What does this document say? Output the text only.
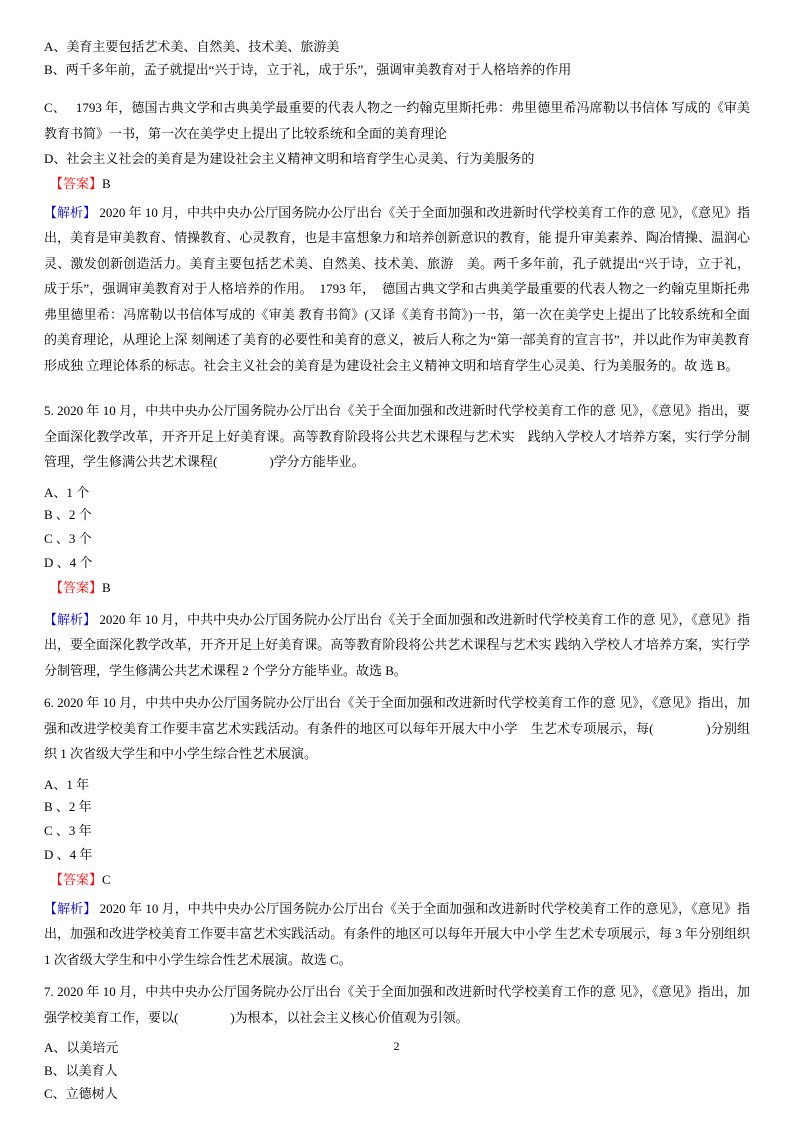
A、美育主要包括艺术美、自然美、技术美、旅游美

B、两千多年前，孟子就提出“兴于诗，立于礼，成于乐”，强调审美教育对于人格培养的作用

C、   1793 年，德国古典文学和古典美学最重要的代表人物之一约翰克里斯托弗：弗里德里希冯席勒以书信体 写成的《审美教育书简》一书，第一次在美学史上提出了比较系统和全面的美育理论

D、社会主义社会的美育是为建设社会主义精神文明和培育学生心灵美、行为美服务的

【答案】B

【解析】 2020 年 10 月，中共中央办公厅国务院办公厅出台《关于全面加强和改进新时代学校美育工作的意 见》，《意见》指出，美育是审美教育、情操教育、心灵教育，也是丰富想象力和培养创新意识的教育，能 提升审美素养、陶冶情操、温润心灵、激发创新创造活力。美育主要包括艺术美、自然美、技术美、旅游　美。两千多年前，孔子就提出“兴于诗，立于礼，成于乐”，强调审美教育对于人格培养的作用。  1793 年，  德国古典文学和古典美学最重要的代表人物之一约翰克里斯托弗弗里德里希：冯席勒以书信体写成的《审美 教育书简》(又译《美育书简》)一书，第一次在美学史上提出了比较系统和全面的美育理论，从理论上深 刻阐述了美育的必要性和美育的意义，被后人称之为“第一部美育的宣言书”，并以此作为审美教育形成独 立理论体系的标志。社会主义社会的美育是为建设社会主义精神文明和培育学生心灵美、行为美服务的。故 选 B。

5. 2020 年 10 月，中共中央办公厅国务院办公厅出台《关于全面加强和改进新时代学校美育工作的意 见》，《意见》指出，要全面深化教学改革，开齐开足上好美育课。高等教育阶段将公共艺术课程与艺术实　践纳入学校人才培养方案，实行学分制管理，学生修满公共艺术课程(　　　　)学分方能毕业。

A、1 个

B 、2 个

C 、3 个

D 、4 个

【答案】B

【解析】 2020 年 10 月，中共中央办公厅国务院办公厅出台《关于全面加强和改进新时代学校美育工作的意 见》，《意见》指出，要全面深化教学改革，开齐开足上好美育课。高等教育阶段将公共艺术课程与艺术实 践纳入学校人才培养方案，实行学分制管理，学生修满公共艺术课程 2 个学分方能毕业。故选 B。

6. 2020 年 10 月，中共中央办公厅国务院办公厅出台《关于全面加强和改进新时代学校美育工作的意 见》，《意见》指出，加强和改进学校美育工作要丰富艺术实践活动。有条件的地区可以每年开展大中小学　生艺术专项展示，每(　　　　)分别组织 1 次省级大学生和中小学生综合性艺术展演。

A、1 年

B 、2 年

C 、3 年

D 、4 年

【答案】C

【解析】 2020 年 10 月，中共中央办公厅国务院办公厅出台《关于全面加强和改进新时代学校美育工作的意见》，《意见》指出，加强和改进学校美育工作要丰富艺术实践活动。有条件的地区可以每年开展大中小学 生艺术专项展示，每 3 年分别组织 1 次省级大学生和中小学生综合性艺术展演。故选 C。

7. 2020 年 10 月，中共中央办公厅国务院办公厅出台《关于全面加强和改进新时代学校美育工作的意 见》，《意见》指出，加强学校美育工作，要以(　　　　)为根本，以社会主义核心价值观为引领。

A、以美培元

B、以美育人

C、立德树人

2
